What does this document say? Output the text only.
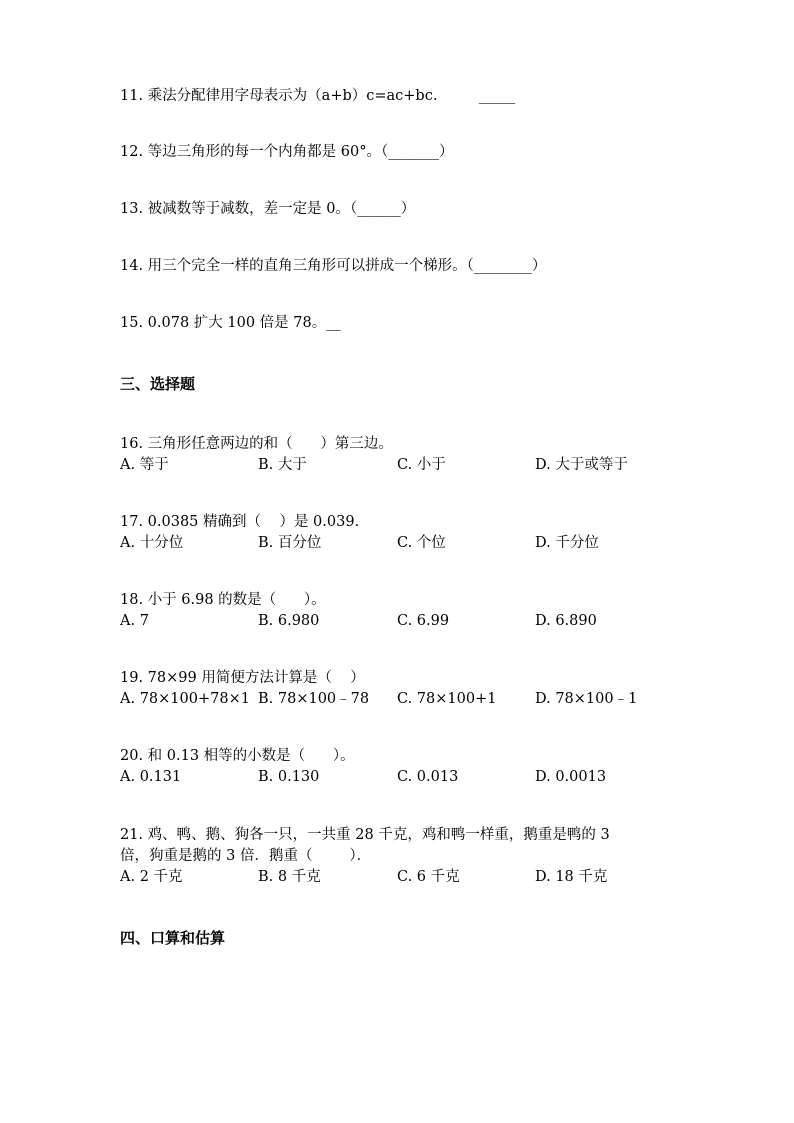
11. 乘法分配律用字母表示为（a+b）c=ac+bc.         _____
12. 等边三角形的每一个内角都是 60°。（_______）
13. 被减数等于减数，差一定是 0。（______）
14. 用三个完全一样的直角三角形可以拼成一个梯形。（________）
15. 0.078 扩大 100 倍是 78。__
三、选择题
16. 三角形任意两边的和（      ）第三边。
A. 等于	B. 大于	C. 小于	D. 大于或等于
17. 0.0385 精确到（    ）是 0.039.
A. 十分位	B. 百分位	C. 个位	D. 千分位
18. 小于 6.98 的数是（      ）。
A. 7	B. 6.980	C. 6.99	D. 6.890
19. 78×99 用简便方法计算是（    ）
A. 78×100+78×1 B. 78×100﹣78 C. 78×100+1	D. 78×100﹣1
20. 和 0.13 相等的小数是（      ）。
A. 0.131	B. 0.130	C. 0.013	D. 0.0013
21. 鸡、鸭、鹅、狗各一只，一共重 28 千克，鸡和鸭一样重，鹅重是鸭的 3
倍，狗重是鹅的 3 倍．鹅重（        ）．
A. 2 千克	B. 8 千克	C. 6 千克	D. 18 千克
四、口算和估算
